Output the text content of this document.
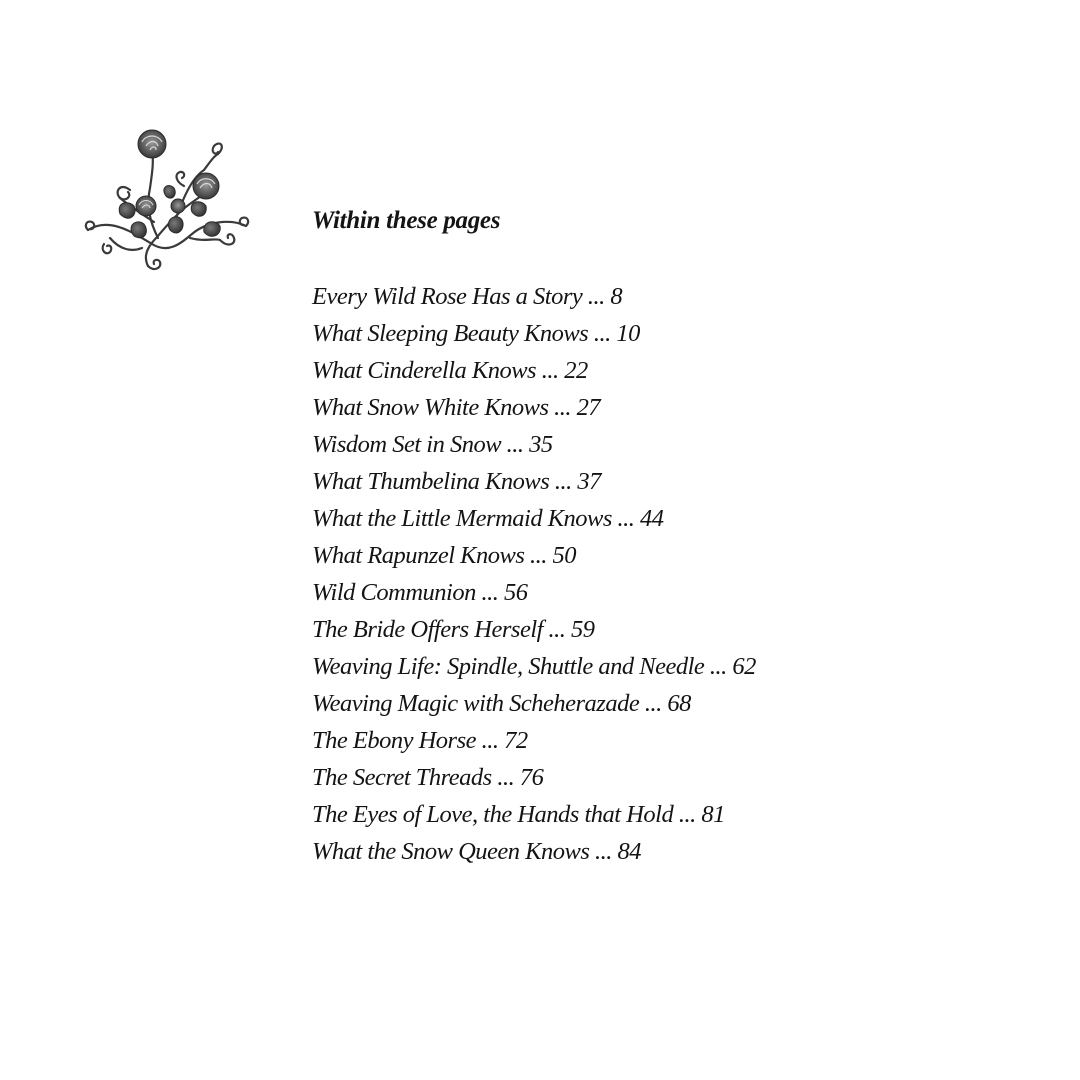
Within these pages
Every Wild Rose Has a Story ... 8
What Sleeping Beauty Knows ... 10
What Cinderella Knows ... 22
What Snow White Knows ... 27
Wisdom Set in Snow ... 35
What Thumbelina Knows ... 37
What the Little Mermaid Knows ... 44
What Rapunzel Knows ... 50
Wild Communion ... 56
The Bride Offers Herself ... 59
Weaving Life: Spindle, Shuttle and Needle ... 62
Weaving Magic with Scheherazade ... 68
The Ebony Horse ... 72
The Secret Threads ... 76
The Eyes of Love, the Hands that Hold ... 81
What the Snow Queen Knows ... 84
